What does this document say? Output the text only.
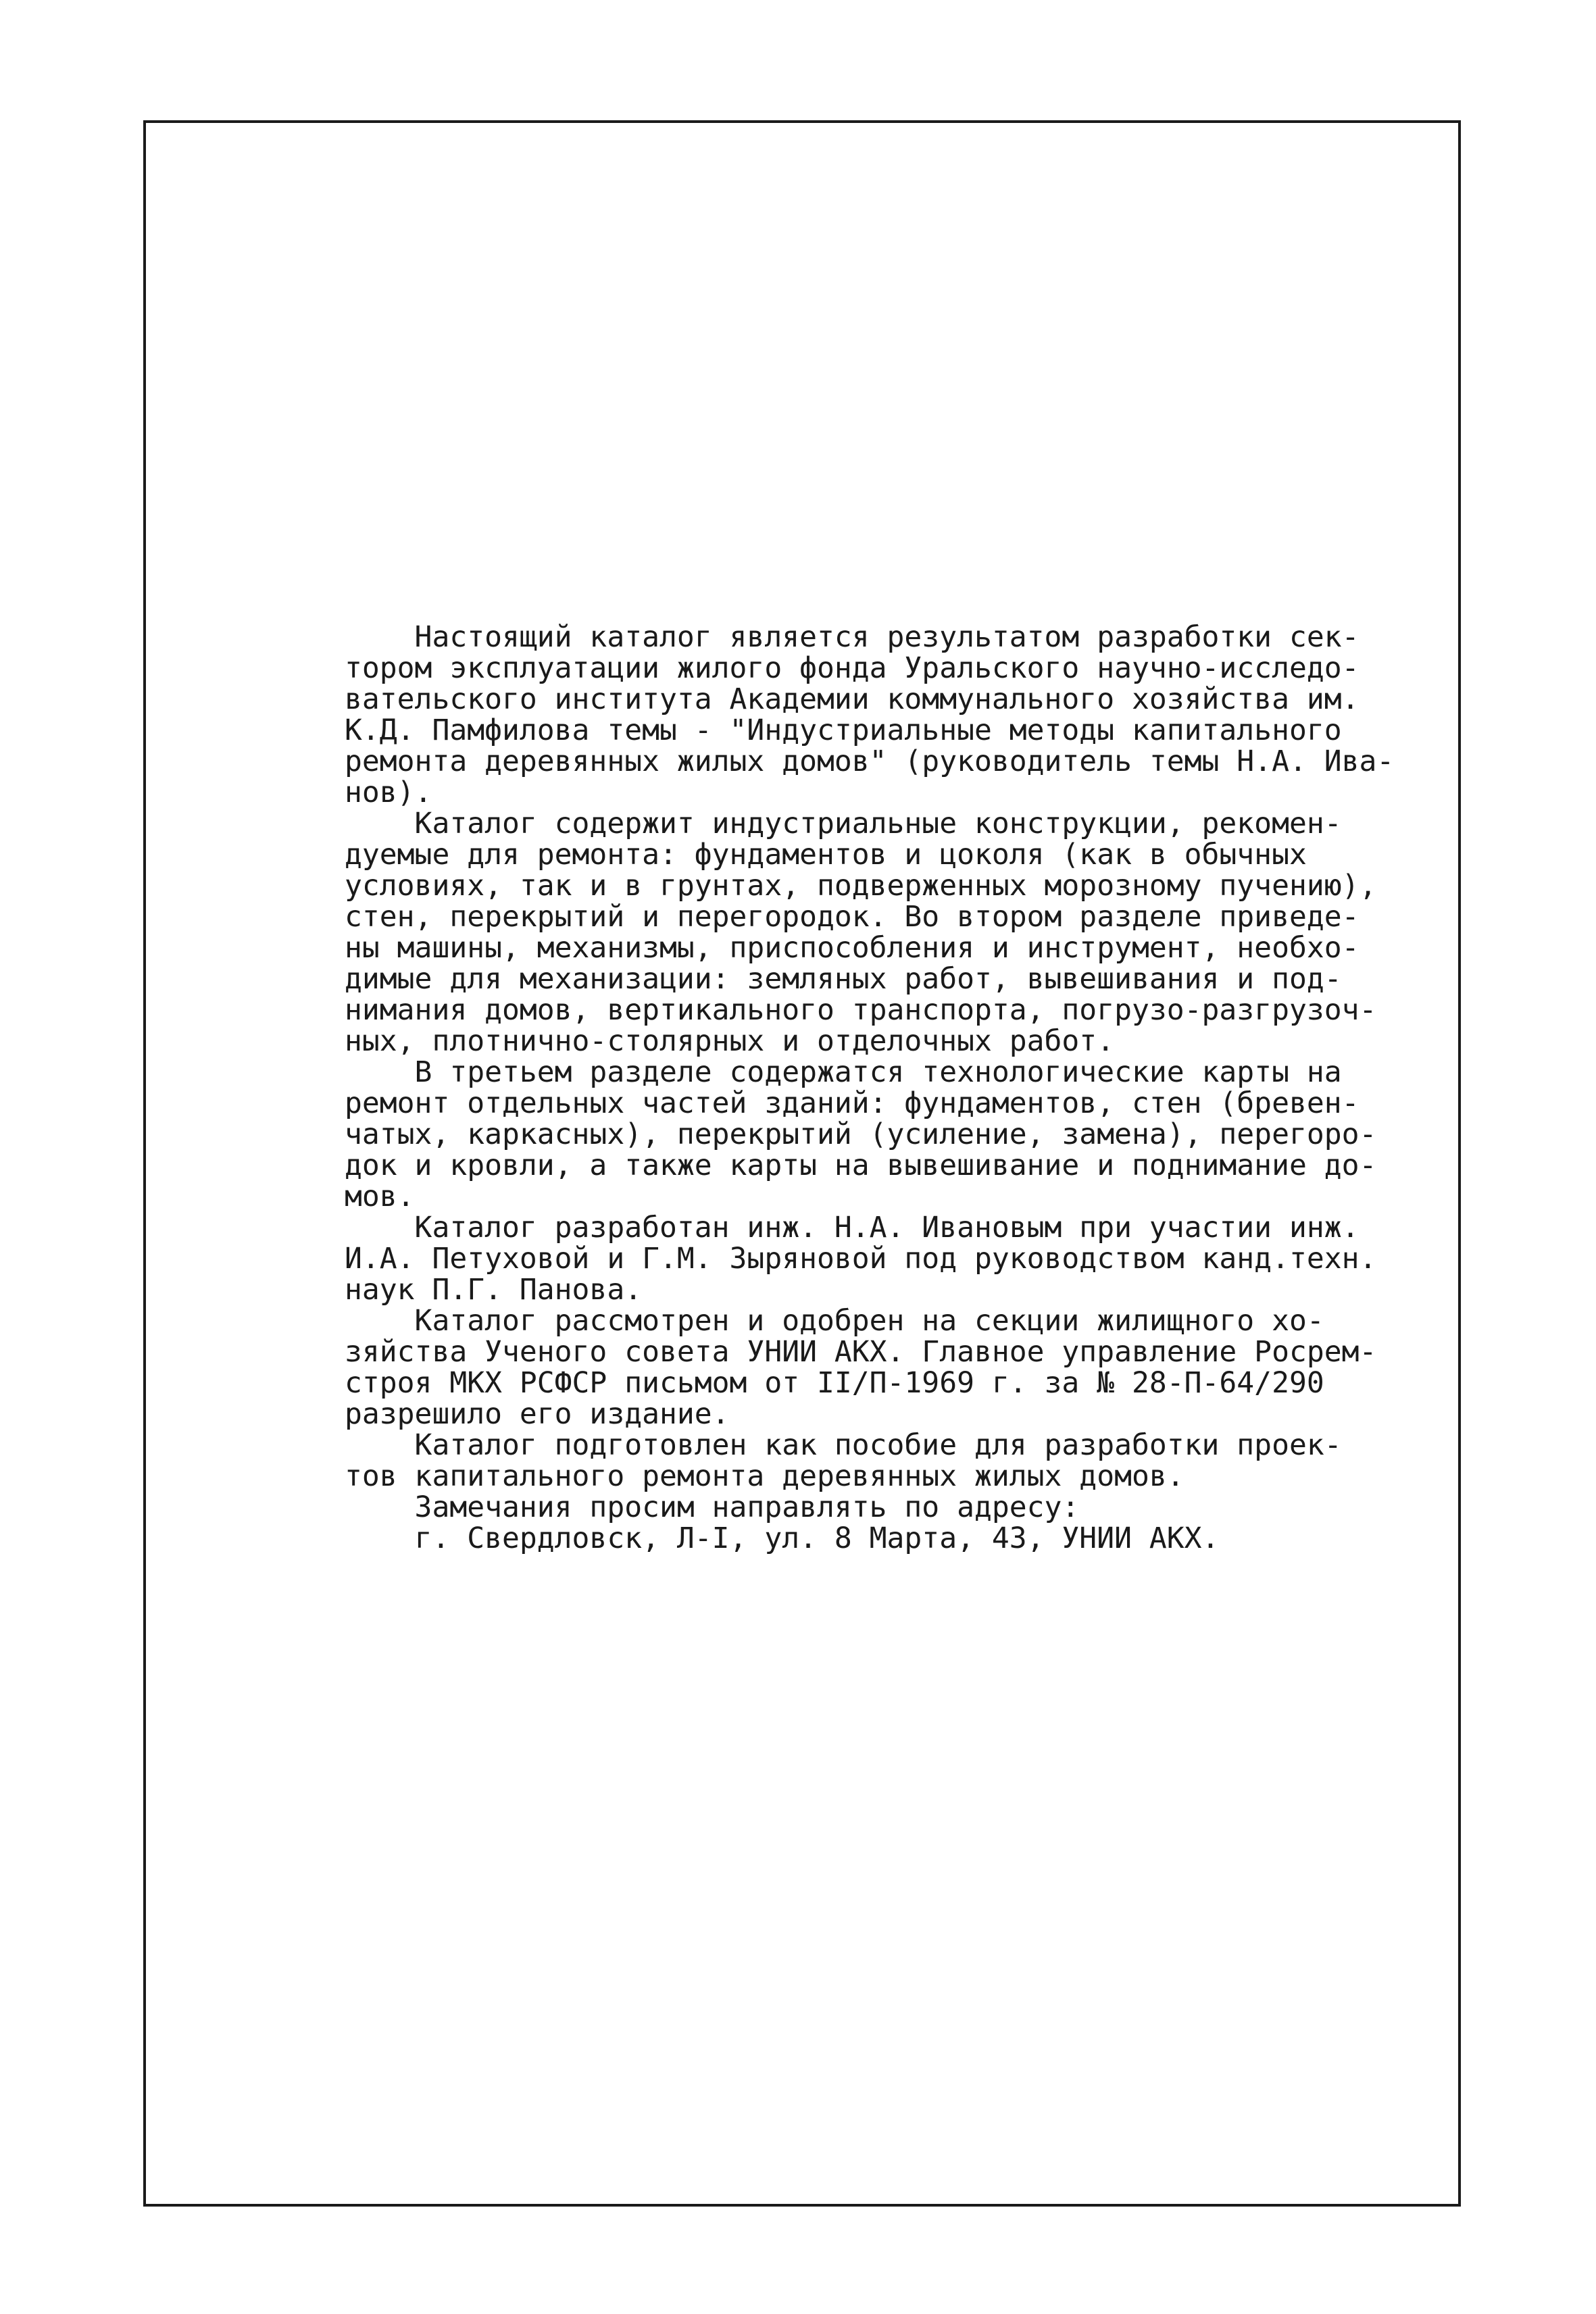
Настоящий каталог является результатом разработки сек-
тором эксплуатации жилого фонда Уральского научно-исследо-
вательского института Академии коммунального хозяйства им.
К.Д. Памфилова темы - "Индустриальные методы капитального
ремонта деревянных жилых домов" (руководитель темы Н.А. Ива-
нов).
Каталог содержит индустриальные конструкции, рекомен-
дуемые для ремонта: фундаментов и цоколя (как в обычных
условиях, так и в грунтах, подверженных морозному пучению),
стен, перекрытий и перегородок. Во втором разделе приведе-
ны машины, механизмы, приспособления и инструмент, необхо-
димые для механизации: земляных работ, вывешивания и под-
нимания домов, вертикального транспорта, погрузо-разгрузоч-
ных, плотнично-столярных и отделочных работ.
В третьем разделе содержатся технологические карты на
ремонт отдельных частей зданий: фундаментов, стен (бревен-
чатых, каркасных), перекрытий (усиление, замена), перегоро-
док и кровли, а также карты на вывешивание и поднимание до-
мов.
Каталог разработан инж. Н.А. Ивановым при участии инж.
И.А. Петуховой и Г.М. Зыряновой под руководством канд.техн.
наук П.Г. Панова.
Каталог рассмотрен и одобрен на секции жилищного хо-
зяйства Ученого совета УНИИ АКХ. Главное управление Росрем-
строя МКХ РСФСР письмом от II/П-1969 г. за № 28-П-64/290
разрешило его издание.
Каталог подготовлен как пособие для разработки проек-
тов капитального ремонта деревянных жилых домов.
Замечания просим направлять по адресу:
г. Свердловск, Л-I, ул. 8 Марта, 43, УНИИ АКХ.
